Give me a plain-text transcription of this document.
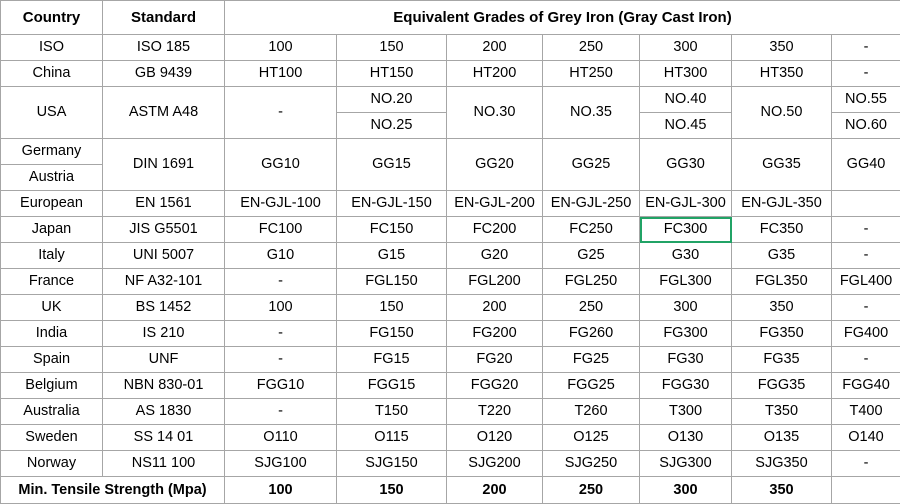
Country	Standard	Equivalent Grades of Grey Iron (Gray Cast Iron)						
ISO	ISO 185	100	150	200	250	300	350	-
China	GB 9439	HT100	HT150	HT200	HT250	HT300	HT350	-
USA	ASTM A48	-	NO.20	NO.30	NO.35	NO.40	NO.50	NO.55
			NO.25			NO.45		NO.60
Germany	DIN 1691	GG10	GG15	GG20	GG25	GG30	GG35	GG40
Austria								
European	EN 1561	EN-GJL-100	EN-GJL-150	EN-GJL-200	EN-GJL-250	EN-GJL-300	EN-GJL-350	
Japan	JIS G5501	FC100	FC150	FC200	FC250	FC300	FC350	-
Italy	UNI 5007	G10	G15	G20	G25	G30	G35	-
France	NF A32-101	-	FGL150	FGL200	FGL250	FGL300	FGL350	FGL400
UK	BS 1452	100	150	200	250	300	350	-
India	IS 210	-	FG150	FG200	FG260	FG300	FG350	FG400
Spain	UNF	-	FG15	FG20	FG25	FG30	FG35	-
Belgium	NBN 830-01	FGG10	FGG15	FGG20	FGG25	FGG30	FGG35	FGG40
Australia	AS 1830	-	T150	T220	T260	T300	T350	T400
Sweden	SS 14 01	O110	O115	O120	O125	O130	O135	O140
Norway	NS11 100	SJG100	SJG150	SJG200	SJG250	SJG300	SJG350	-
Min. Tensile Strength (Mpa)		100	150	200	250	300	350	
